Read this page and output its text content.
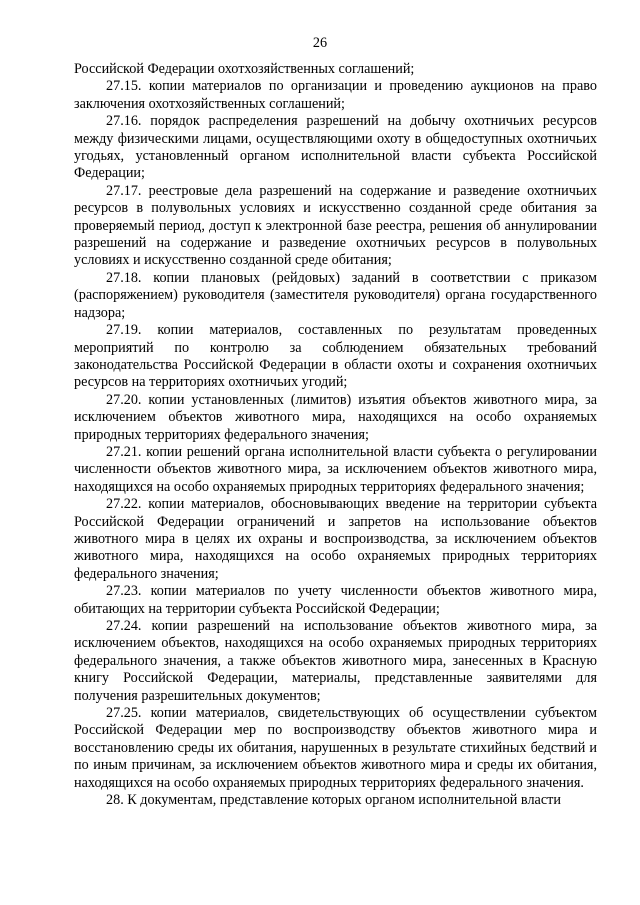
26

Российской Федерации охотхозяйственных соглашений;

27.15. копии материалов по организации и проведению аукционов на право заключения охотхозяйственных соглашений;

27.16. порядок распределения разрешений на добычу охотничьих ресурсов между физическими лицами, осуществляющими охоту в общедоступных охотничьих угодьях, установленный органом исполнительной власти субъекта Российской Федерации;

27.17. реестровые дела разрешений на содержание и разведение охотничьих ресурсов в полувольных условиях и искусственно созданной среде обитания за проверяемый период, доступ к электронной базе реестра, решения об аннулировании разрешений на содержание и разведение охотничьих ресурсов в полувольных условиях и искусственно созданной среде обитания;

27.18. копии плановых (рейдовых) заданий в соответствии с приказом (распоряжением) руководителя (заместителя руководителя) органа государственного надзора;

27.19. копии материалов, составленных по результатам проведенных мероприятий по контролю за соблюдением обязательных требований законодательства Российской Федерации в области охоты и сохранения охотничьих ресурсов на территориях охотничьих угодий;

27.20. копии установленных (лимитов) изъятия объектов животного мира, за исключением объектов животного мира, находящихся на особо охраняемых природных территориях федерального значения;

27.21. копии решений органа исполнительной власти субъекта о регулировании численности объектов животного мира, за исключением объектов животного мира, находящихся на особо охраняемых природных территориях федерального значения;

27.22. копии материалов, обосновывающих введение на территории субъекта Российской Федерации ограничений и запретов на использование объектов животного мира в целях их охраны и воспроизводства, за исключением объектов животного мира, находящихся на особо охраняемых природных территориях федерального значения;

27.23. копии материалов по учету численности объектов животного мира, обитающих на территории субъекта Российской Федерации;

27.24. копии разрешений на использование объектов животного мира, за исключением объектов, находящихся на особо охраняемых природных территориях федерального значения, а также объектов животного мира, занесенных в Красную книгу Российской Федерации, материалы, представленные заявителями для получения разрешительных документов;

27.25. копии материалов, свидетельствующих об осуществлении субъектом Российской Федерации мер по воспроизводству объектов животного мира и восстановлению среды их обитания, нарушенных в результате стихийных бедствий и по иным причинам, за исключением объектов животного мира и среды их обитания, находящихся на особо охраняемых природных территориях федерального значения.

28. К документам, представление которых органом исполнительной власти
